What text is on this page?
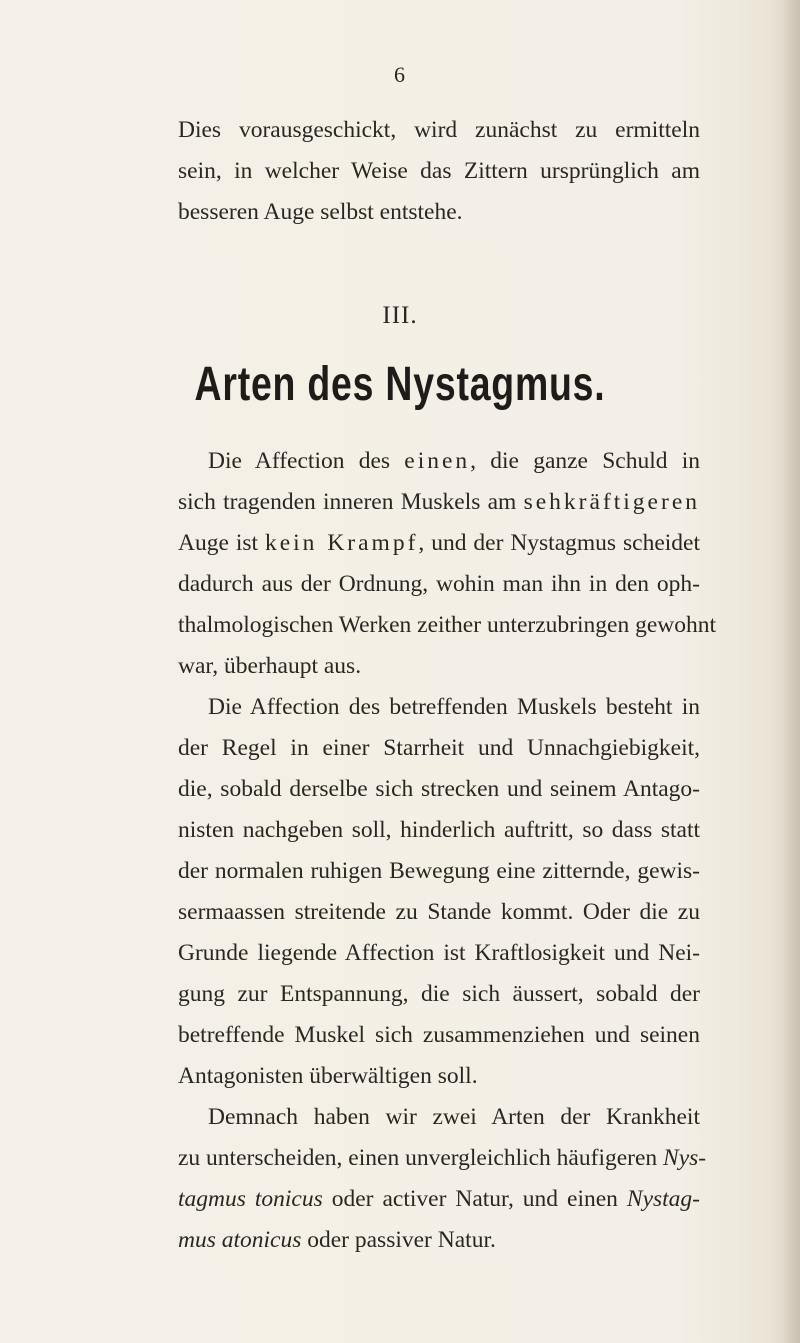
6
Dies vorausgeschickt, wird zunächst zu ermitteln
sein, in welcher Weise das Zittern ursprünglich am
besseren Auge selbst entstehe.
III.
Arten des Nystagmus.
Die Affection des einen, die ganze Schuld in
sich tragenden inneren Muskels am sehkräftigeren
Auge ist kein Krampf, und der Nystagmus scheidet
dadurch aus der Ordnung, wohin man ihn in den oph-
thalmologischen Werken zeither unterzubringen gewohnt
war, überhaupt aus.
Die Affection des betreffenden Muskels besteht in
der Regel in einer Starrheit und Unnachgiebigkeit,
die, sobald derselbe sich strecken und seinem Antago-
nisten nachgeben soll, hinderlich auftritt, so dass statt
der normalen ruhigen Bewegung eine zitternde, gewis-
sermaassen streitende zu Stande kommt. Oder die zu
Grunde liegende Affection ist Kraftlosigkeit und Nei-
gung zur Entspannung, die sich äussert, sobald der
betreffende Muskel sich zusammenziehen und seinen
Antagonisten überwältigen soll.
Demnach haben wir zwei Arten der Krankheit
zu unterscheiden, einen unvergleichlich häufigeren Nys-
tagmus tonicus oder activer Natur, und einen Nystag-
mus atonicus oder passiver Natur.
